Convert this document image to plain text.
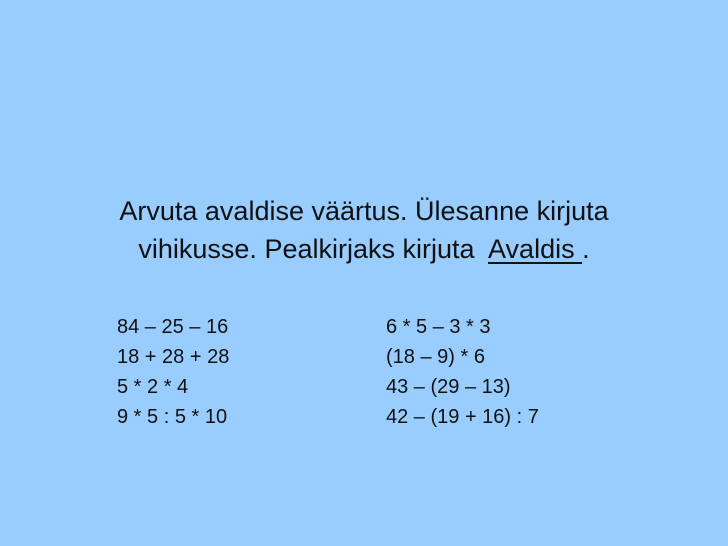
Arvuta avaldise väärtus. Ülesanne kirjuta
vihikusse. Pealkirjaks kirjuta  Avaldis .
84 – 25 – 16
18 + 28 + 28
5 * 2 * 4
9 * 5 : 5 * 10
6 * 5 – 3 * 3
(18 – 9) * 6
43 – (29 – 13)
42 – (19 + 16) : 7
